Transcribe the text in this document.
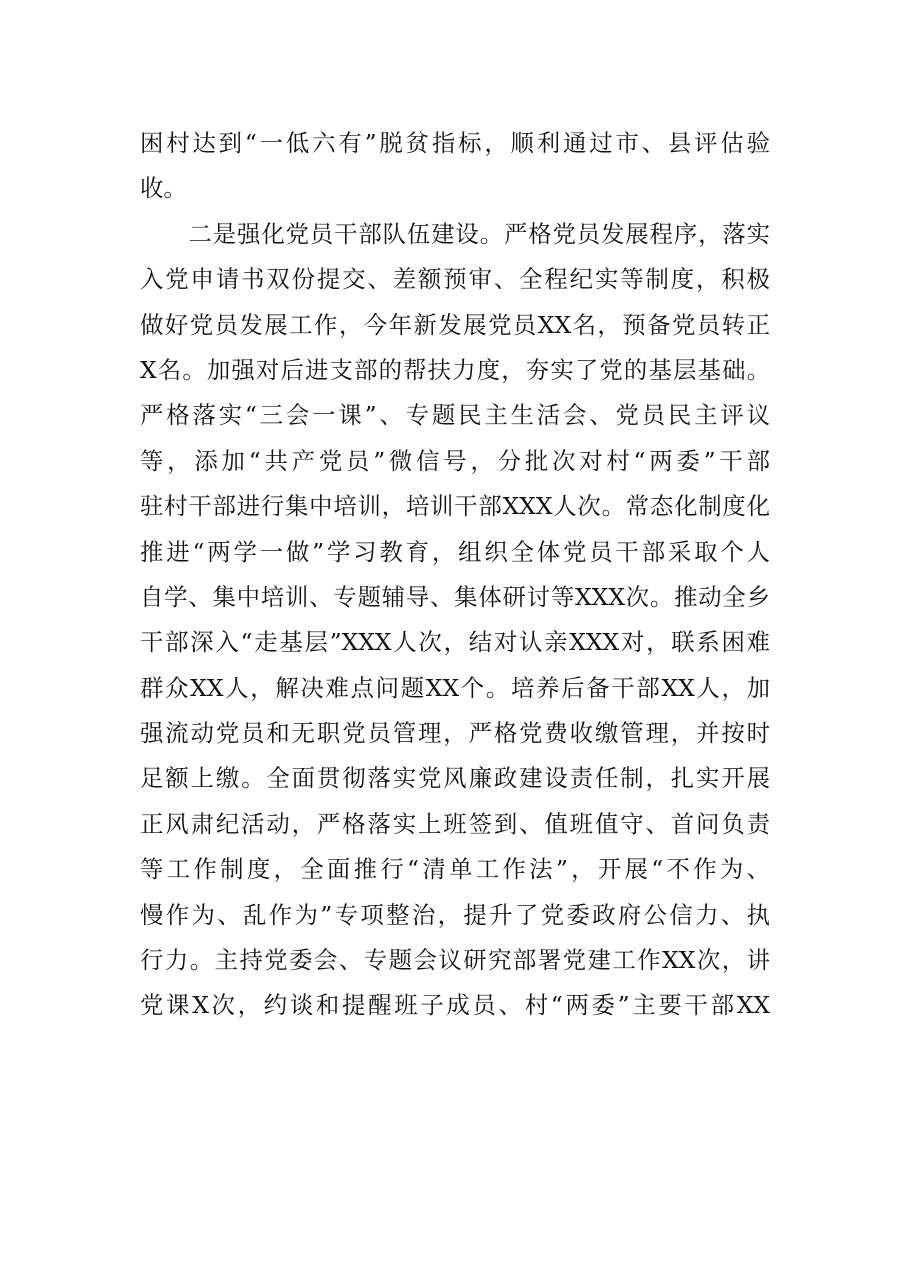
困村达到“一低六有”脱贫指标，顺利通过市、县评估验
收。
　　二是强化党员干部队伍建设。严格党员发展程序，落实
入党申请书双份提交、差额预审、全程纪实等制度，积极
做好党员发展工作，今年新发展党员XX名，预备党员转正
X名。加强对后进支部的帮扶力度，夯实了党的基层基础。
严格落实“三会一课”、专题民主生活会、党员民主评议
等，添加“共产党员”微信号，分批次对村“两委”干部
驻村干部进行集中培训，培训干部XXX人次。常态化制度化
推进“两学一做”学习教育，组织全体党员干部采取个人
自学、集中培训、专题辅导、集体研讨等XXX次。推动全乡
干部深入“走基层”XXX人次，结对认亲XXX对，联系困难
群众XX人，解决难点问题XX个。培养后备干部XX人，加
强流动党员和无职党员管理，严格党费收缴管理，并按时
足额上缴。全面贯彻落实党风廉政建设责任制，扎实开展
正风肃纪活动，严格落实上班签到、值班值守、首问负责
等工作制度，全面推行“清单工作法”，开展“不作为、
慢作为、乱作为”专项整治，提升了党委政府公信力、执
行力。主持党委会、专题会议研究部署党建工作XX次，讲
党课X次，约谈和提醒班子成员、村“两委”主要干部XX
